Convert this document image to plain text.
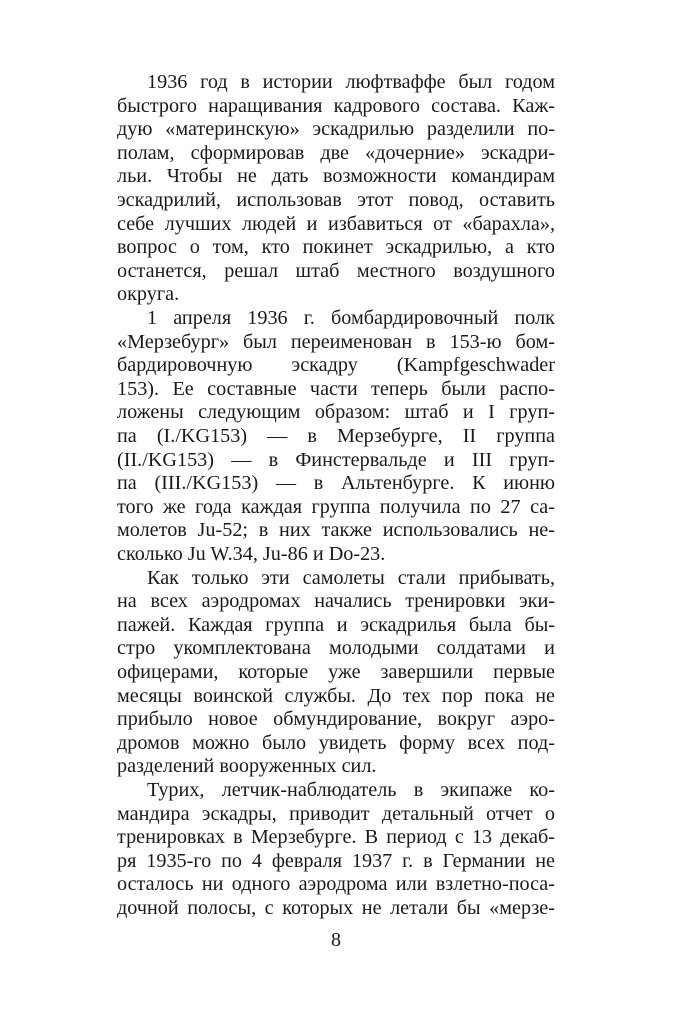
1936 год в истории люфтваффе был годом
быстрого наращивания кадрового состава. Каж-
дую «материнскую» эскадрилью разделили по-
полам, сформировав две «дочерние» эскадри-
льи. Чтобы не дать возможности командирам
эскадрилий, использовав этот повод, оставить
себе лучших людей и избавиться от «барахла»,
вопрос о том, кто покинет эскадрилью, а кто
останется, решал штаб местного воздушного
округа.
1 апреля 1936 г. бомбардировочный полк
«Мерзебург» был переименован в 153-ю бом-
бардировочную эскадру (Kampfgeschwader
153). Ее составные части теперь были распо-
ложены следующим образом: штаб и I груп-
па (I./KG153) — в Мерзебурге, II группа
(II./KG153) — в Финстервальде и III груп-
па (III./KG153) — в Альтенбурге. К июню
того же года каждая группа получила по 27 са-
молетов Ju-52; в них также использовались не-
сколько Ju W.34, Ju-86 и Do-23.
Как только эти самолеты стали прибывать,
на всех аэродромах начались тренировки эки-
пажей. Каждая группа и эскадрилья была бы-
стро укомплектована молодыми солдатами и
офицерами, которые уже завершили первые
месяцы воинской службы. До тех пор пока не
прибыло новое обмундирование, вокруг аэро-
дромов можно было увидеть форму всех под-
разделений вооруженных сил.
Турих, летчик-наблюдатель в экипаже ко-
мандира эскадры, приводит детальный отчет о
тренировках в Мерзебурге. В период с 13 декаб-
ря 1935-го по 4 февраля 1937 г. в Германии не
осталось ни одного аэродрома или взлетно-поса-
дочной полосы, с которых не летали бы «мерзе-
8
